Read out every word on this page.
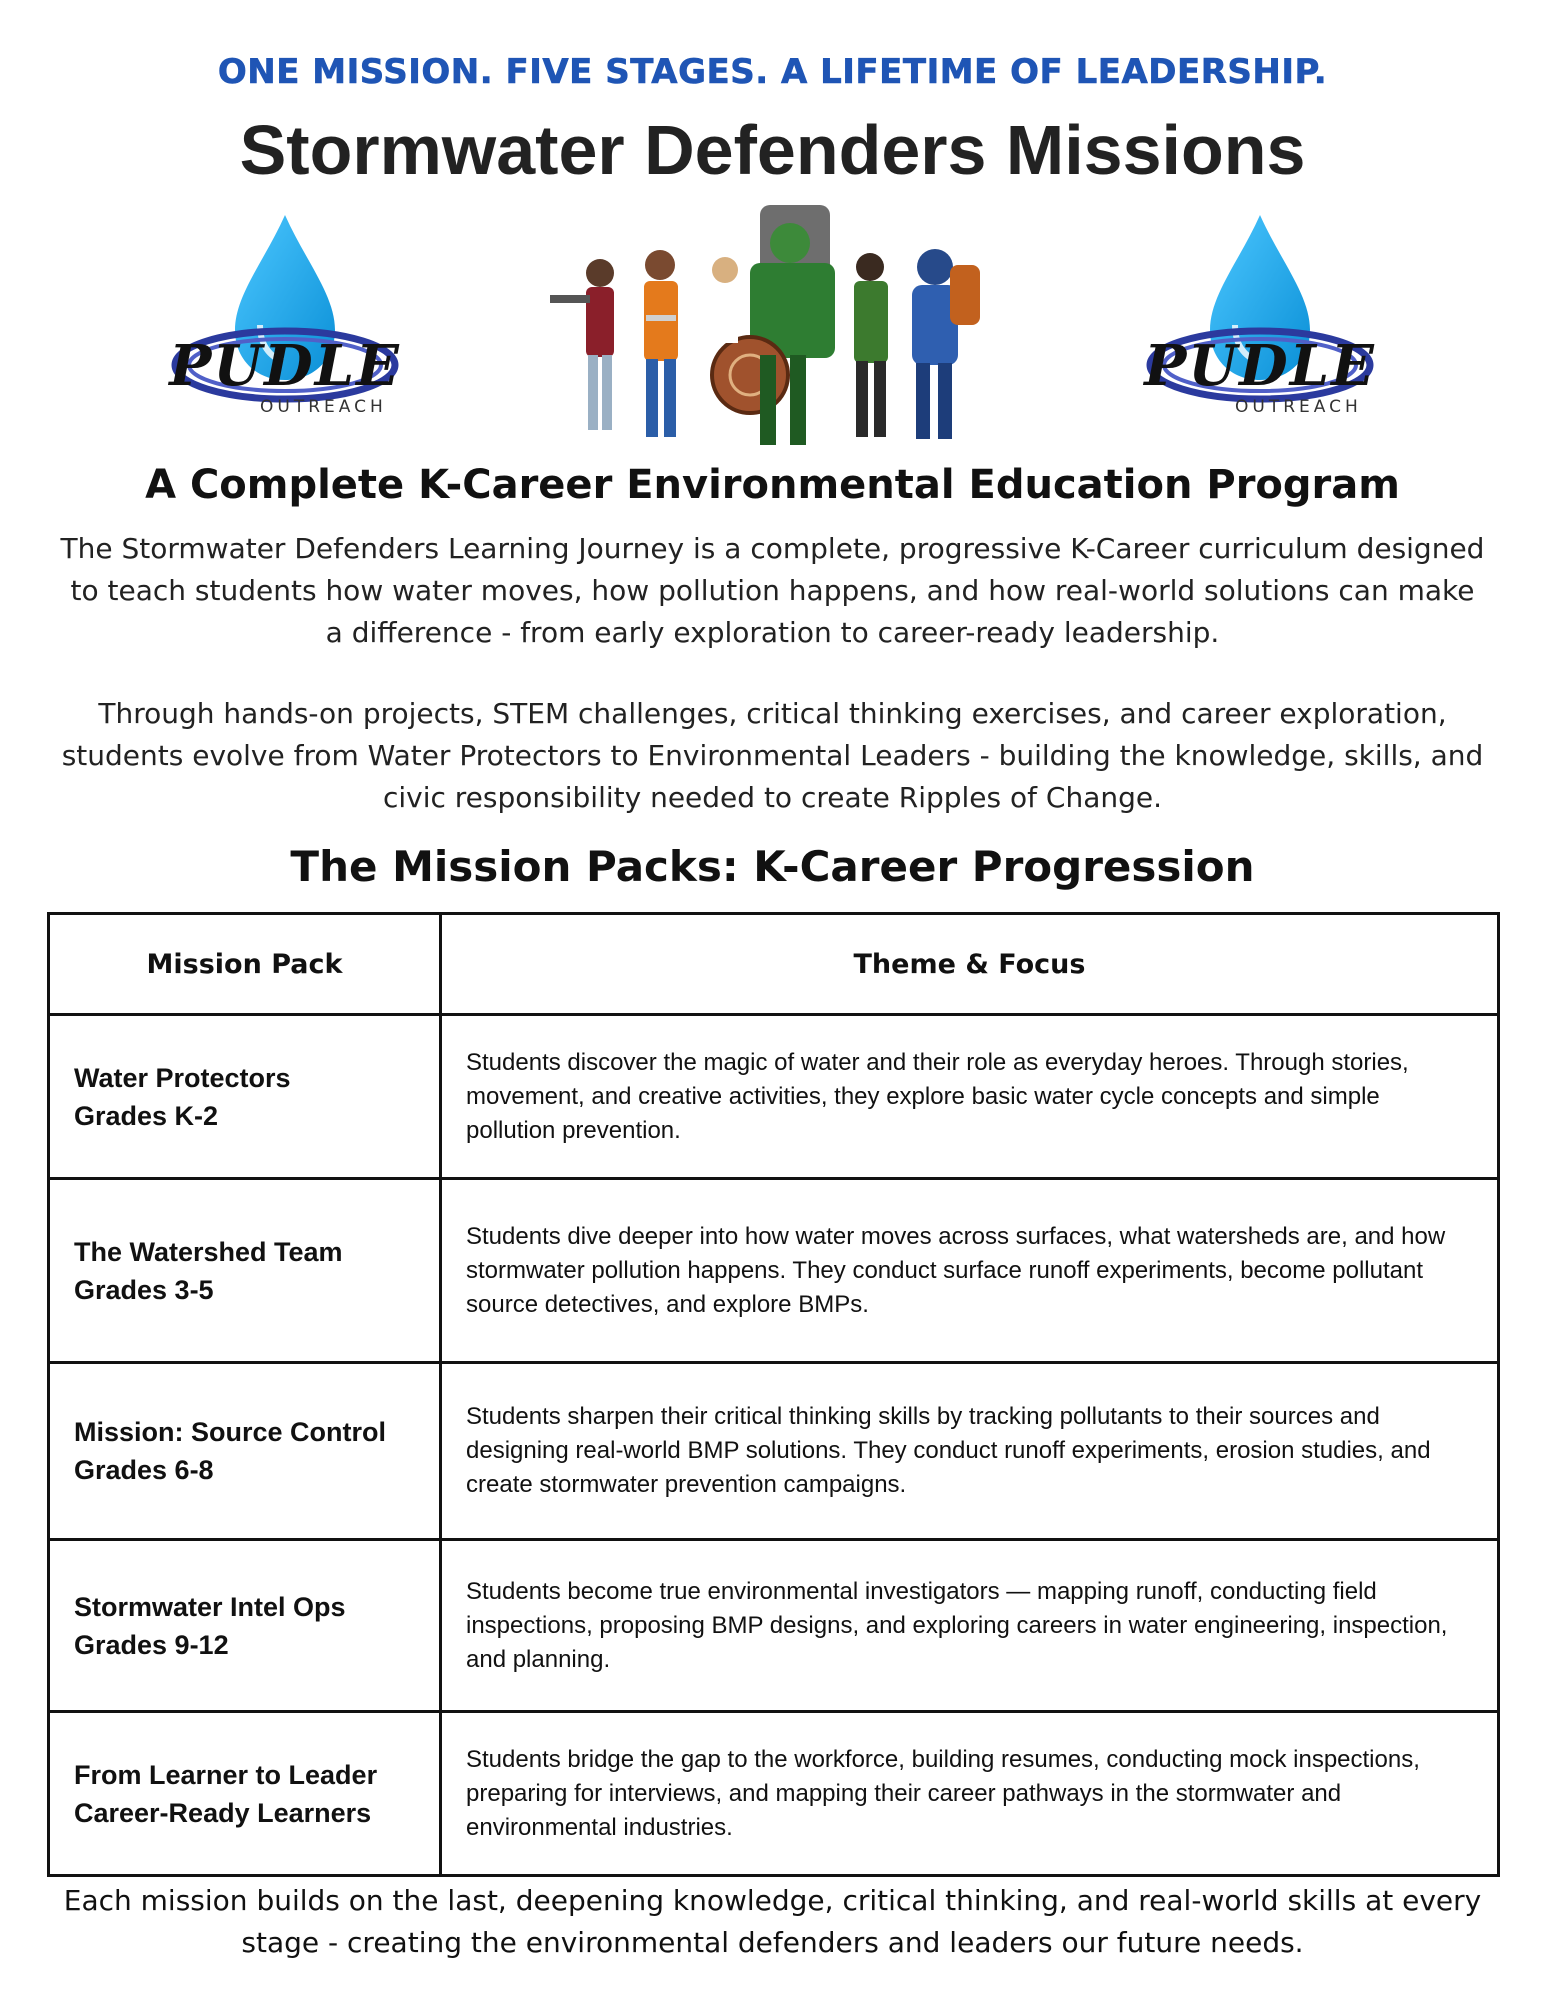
ONE MISSION. FIVE STAGES. A LIFETIME OF LEADERSHIP.
Stormwater Defenders Missions
PUDLE
OUTREACH
PUDLE
OUTREACH
A Complete K-Career Environmental Education Program
The Stormwater Defenders Learning Journey is a complete, progressive K-Career curriculum designed to teach students how water moves, how pollution happens, and how real-world solutions can make a difference - from early exploration to career-ready leadership.
Through hands-on projects, STEM challenges, critical thinking exercises, and career exploration, students evolve from Water Protectors to Environmental Leaders - building the knowledge, skills, and civic responsibility needed to create Ripples of Change.
The Mission Packs: K-Career Progression
Mission Pack	Theme & Focus

Water Protectors
Grades K-2	Students discover the magic of water and their role as everyday heroes. Through stories, movement, and creative activities, they explore basic water cycle concepts and simple pollution prevention.

The Watershed Team
Grades 3-5	Students dive deeper into how water moves across surfaces, what watersheds are, and how stormwater pollution happens. They conduct surface runoff experiments, become pollutant source detectives, and explore BMPs.

Mission: Source Control
Grades 6-8	Students sharpen their critical thinking skills by tracking pollutants to their sources and designing real-world BMP solutions. They conduct runoff experiments, erosion studies, and create stormwater prevention campaigns.

Stormwater Intel Ops
Grades 9-12	Students become true environmental investigators — mapping runoff, conducting field inspections, proposing BMP designs, and exploring careers in water engineering, inspection, and planning.

From Learner to Leader
Career-Ready Learners	Students bridge the gap to the workforce, building resumes, conducting mock inspections, preparing for interviews, and mapping their career pathways in the stormwater and environmental industries.
Each mission builds on the last, deepening knowledge, critical thinking, and real-world skills at every stage - creating the environmental defenders and leaders our future needs.
